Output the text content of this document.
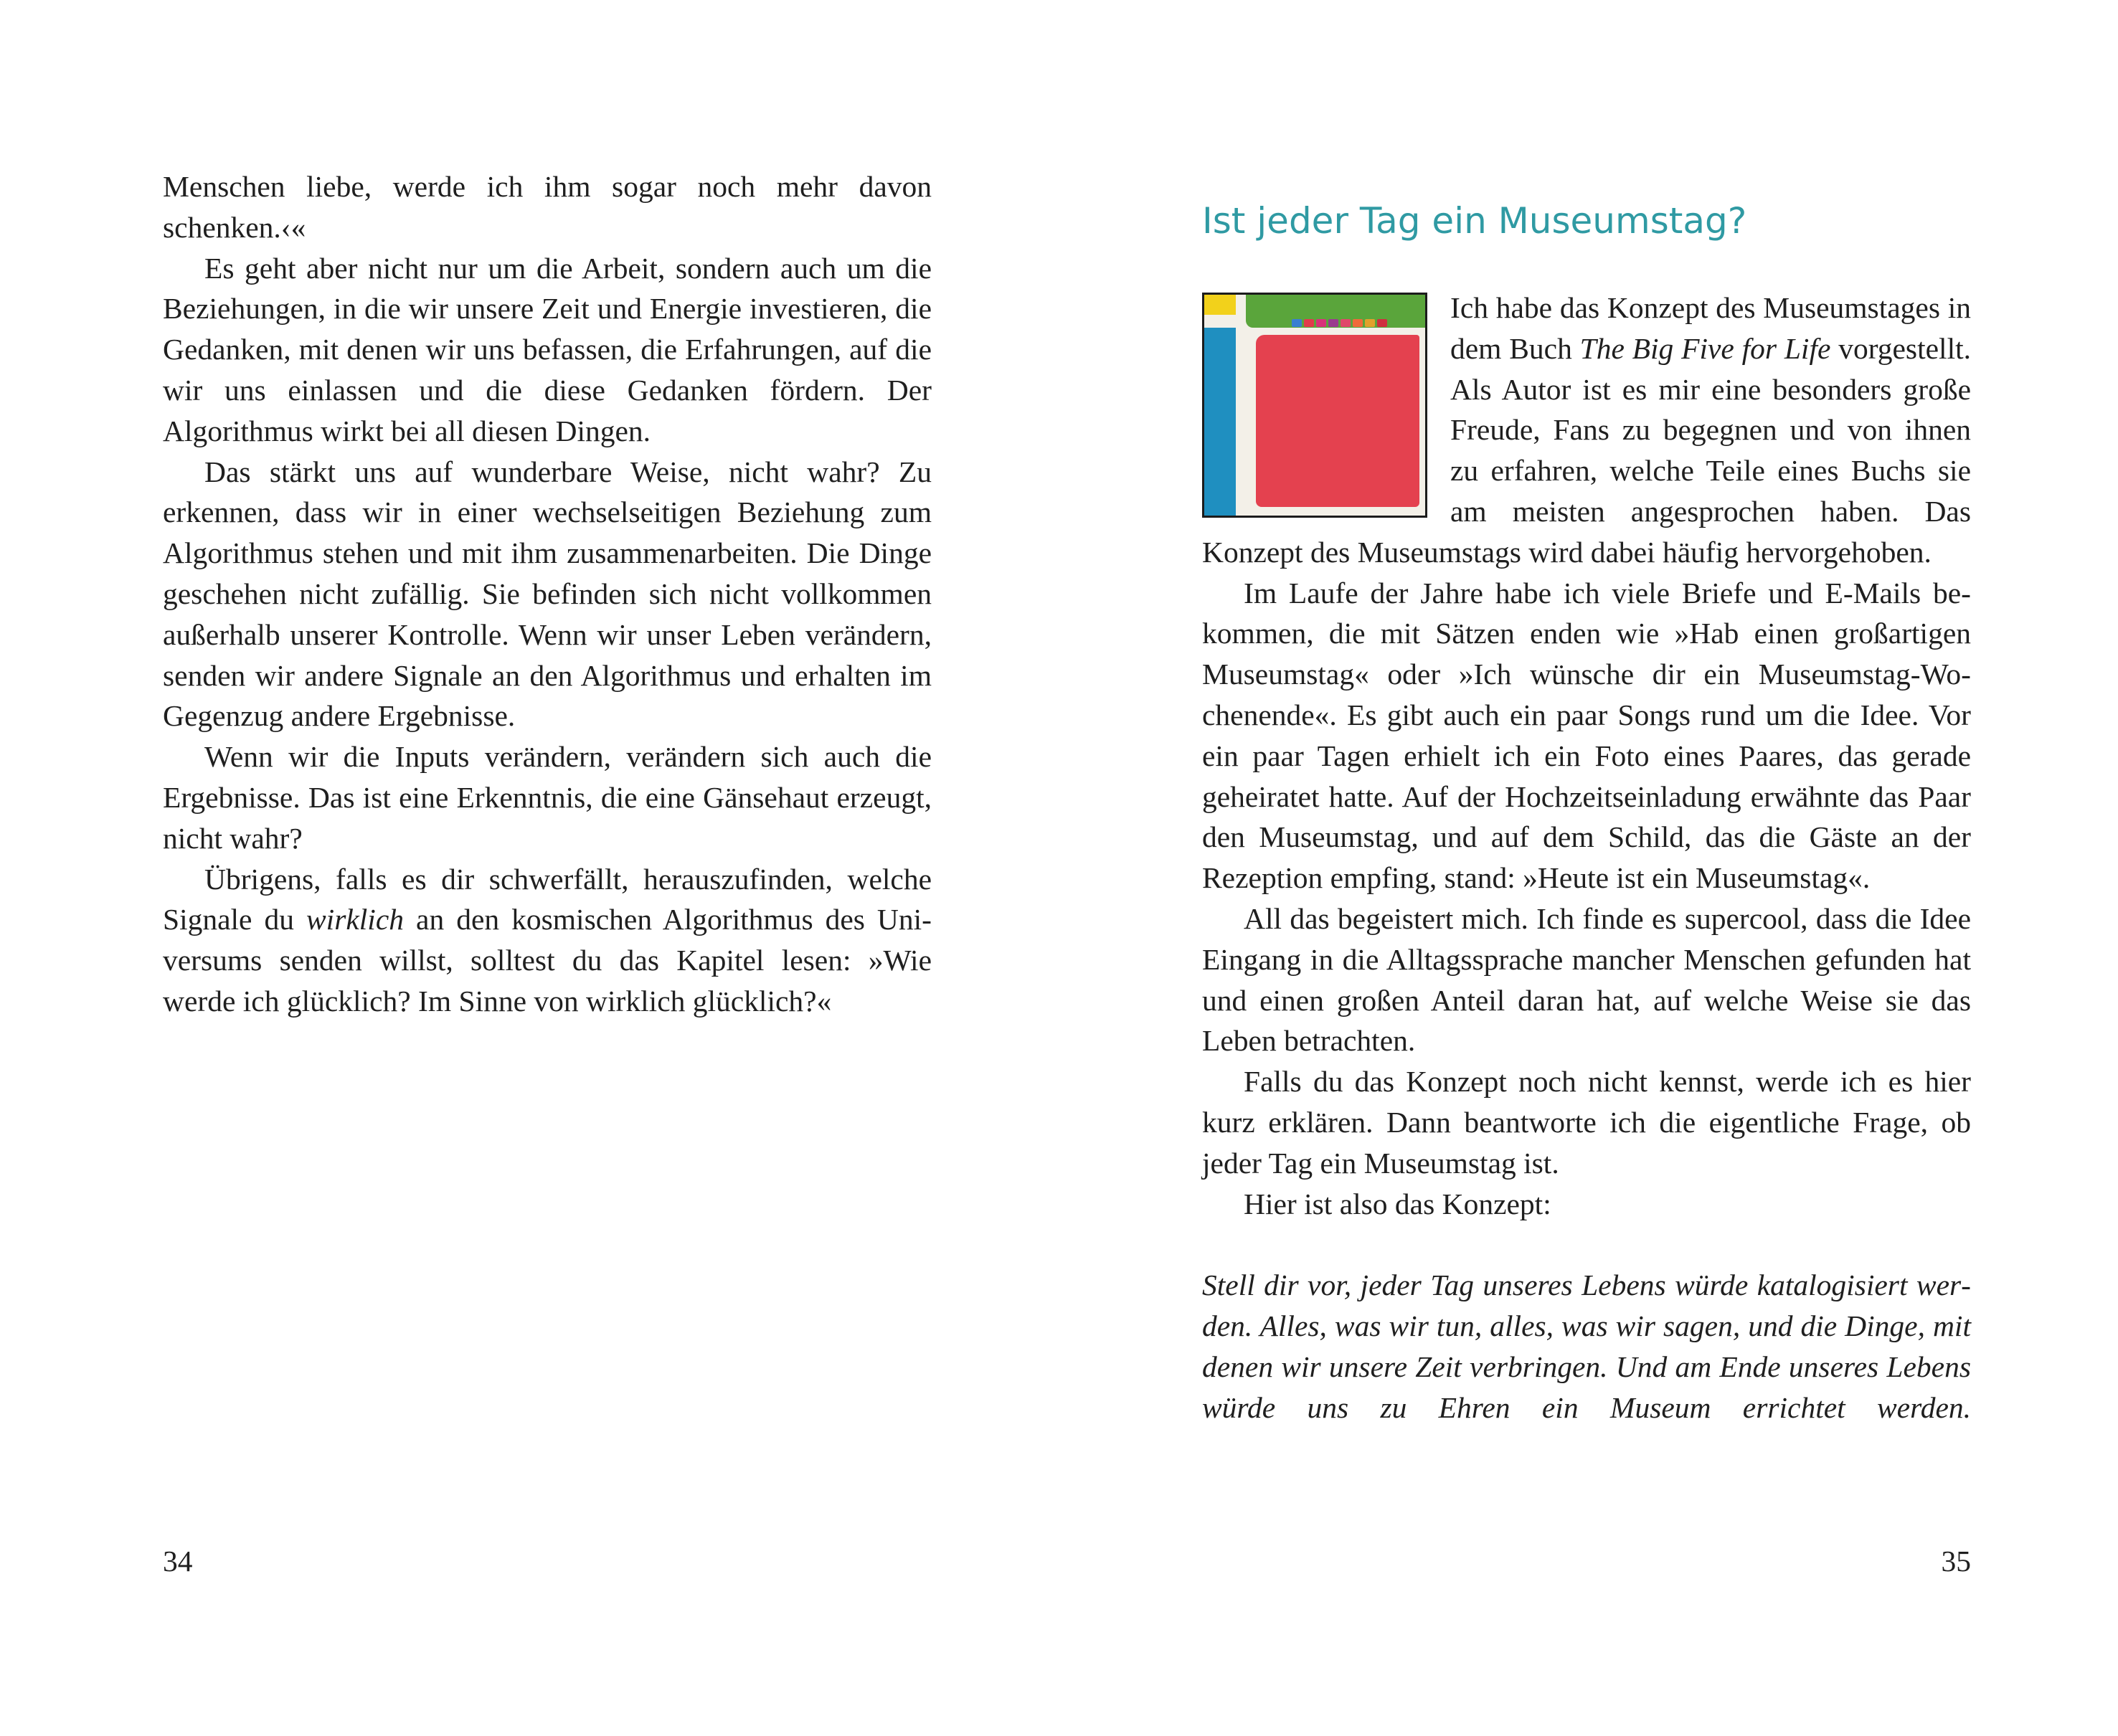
Menschen liebe, werde ich ihm sogar noch mehr davon schenken.‹«

Es geht aber nicht nur um die Arbeit, sondern auch um die Beziehungen, in die wir unsere Zeit und Energie investieren, die Gedanken, mit denen wir uns befassen, die Erfahrungen, auf die wir uns einlassen und die diese Gedanken fördern. Der Algorithmus wirkt bei all diesen Dingen.

Das stärkt uns auf wunderbare Weise, nicht wahr? Zu erkennen, dass wir in einer wechselseitigen Beziehung zum Algorithmus stehen und mit ihm zusammenarbeiten. Die Dinge geschehen nicht zufällig. Sie befinden sich nicht vollkommen außerhalb unserer Kontrolle. Wenn wir unser Leben verändern, senden wir andere Signale an den Algorithmus und erhalten im Gegenzug andere Ergebnisse.

Wenn wir die Inputs verändern, verändern sich auch die Ergebnisse. Das ist eine Erkenntnis, die eine Gänsehaut erzeugt, nicht wahr?

Übrigens, falls es dir schwerfällt, herauszufinden, welche Signale du wirklich an den kosmischen Algorithmus des Universums senden willst, solltest du das Kapitel lesen: »Wie werde ich glücklich? Im Sinne von wirklich glücklich?«

34
Ist jeder Tag ein Museumstag?

Ich habe das Konzept des Museumstages in dem Buch The Big Five for Life vorgestellt. Als Autor ist es mir eine besonders große Freude, Fans zu begegnen und von ihnen zu erfahren, welche Teile eines Buchs sie am meisten angesprochen haben. Das Konzept des Museumstags wird dabei häufig hervorgehoben.

Im Laufe der Jahre habe ich viele Briefe und E-Mails bekommen, die mit Sätzen enden wie »Hab einen großartigen Museumstag« oder »Ich wünsche dir ein Museumstag-Wochenende«. Es gibt auch ein paar Songs rund um die Idee. Vor ein paar Tagen erhielt ich ein Foto eines Paares, das gerade geheiratet hatte. Auf der Hochzeitseinladung erwähnte das Paar den Museumstag, und auf dem Schild, das die Gäste an der Rezeption empfing, stand: »Heute ist ein Museumstag«.

All das begeistert mich. Ich finde es supercool, dass die Idee Eingang in die Alltagssprache mancher Menschen gefunden hat und einen großen Anteil daran hat, auf welche Weise sie das Leben betrachten.

Falls du das Konzept noch nicht kennst, werde ich es hier kurz erklären. Dann beantworte ich die eigentliche Frage, ob jeder Tag ein Museumstag ist.

Hier ist also das Konzept:

Stell dir vor, jeder Tag unseres Lebens würde katalogisiert werden. Alles, was wir tun, alles, was wir sagen, und die Dinge, mit denen wir unsere Zeit verbringen. Und am Ende unseres Lebens würde uns zu Ehren ein Museum errichtet werden.

35
